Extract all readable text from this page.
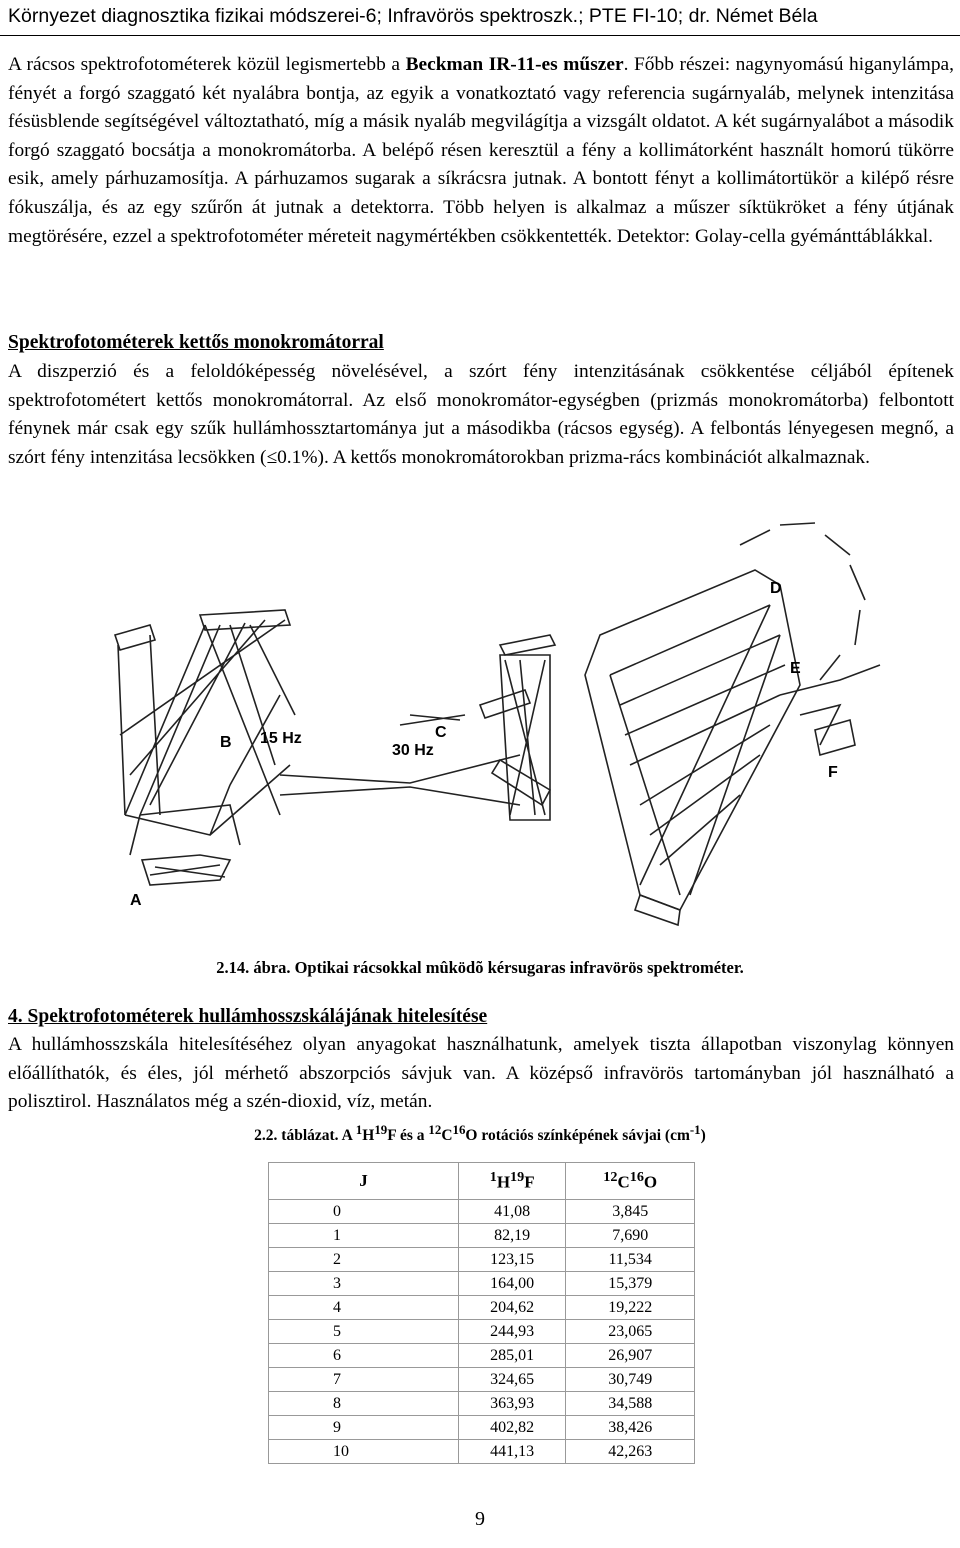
Környezet diagnosztika fizikai módszerei-6; Infravörös spektroszk.; PTE FI-10; dr. Német Béla

A rácsos spektrofotométerek közül legismertebb a Beckman IR-11-es műszer. Főbb részei: nagynyomású higanylámpa, fényét a forgó szaggató két nyalábra bontja, az egyik a vonatkoztató vagy referencia sugárnyaláb, melynek intenzitása fésüsblende segítségével változtatható, míg a másik nyaláb megvilágítja a vizsgált oldatot. A két sugárnyalábot a második forgó szaggató bocsátja a monokromátorba. A belépő résen keresztül a fény a kollimátorként használt homorú tükörre esik, amely párhuzamosítja. A párhuzamos sugarak a síkrácsra jutnak. A bontott fényt a kollimátortükör a kilépő résre fókuszálja, és az egy szűrőn át jutnak a detektorra. Több helyen is alkalmaz a műszer síktükröket a fény útjának megtörésére, ezzel a spektrofotométer méreteit nagymértékben csökkentették. Detektor: Golay-cella gyémánttáblákkal.

Spektrofotométerek kettős monokromátorral

A diszperzió és a feloldóképesség növelésével, a szórt fény intenzitásának csökkentése céljából építenek spektrofotométert kettős monokromátorral. Az első monokromátor-egységben (prizmás monokromátorba) felbontott fénynek már csak egy szűk hullámhossztartománya jut a másodikba (rácsos egység). A felbontás lényegesen megnő, a szórt fény intenzitása lecsökken (≤0.1%). A kettős monokromátorokban prizma-rács kombinációt alkalmaznak.

A
B 15 Hz	C
30 Hz
D
E
F
2.14. ábra. Optikai rácsokkal mûködõ kérsugaras infravörös spektrométer.
4. Spektrofotométerek hullámhosszskálájának hitelesítése

A hullámhosszskála hitelesítéséhez olyan anyagokat használhatunk, amelyek tiszta állapotban viszonylag könnyen előállíthatók, és éles, jól mérhető abszorpciós sávjuk van. A középső infravörös tartományban jól használható a polisztirol. Használatos még a szén-dioxid, víz, metán.

2.2. táblázat. A $^1H^{19}F$ és a $^{12}C^{16}O$ rotációs színképének sávjai $(cm^{-1})$
J	$^1H^{19}F$	$^{12}C^{16}O$
0	41,08	3,845
1	82,19	7,690
2	123,15	11,534
3	164,00	15,379
4	204,62	19,222
5	244,93	23,065
6	285,01	26,907
7	324,65	30,749
8	363,93	34,588
9	402,82	38,426
10	441,13	42,263
9
